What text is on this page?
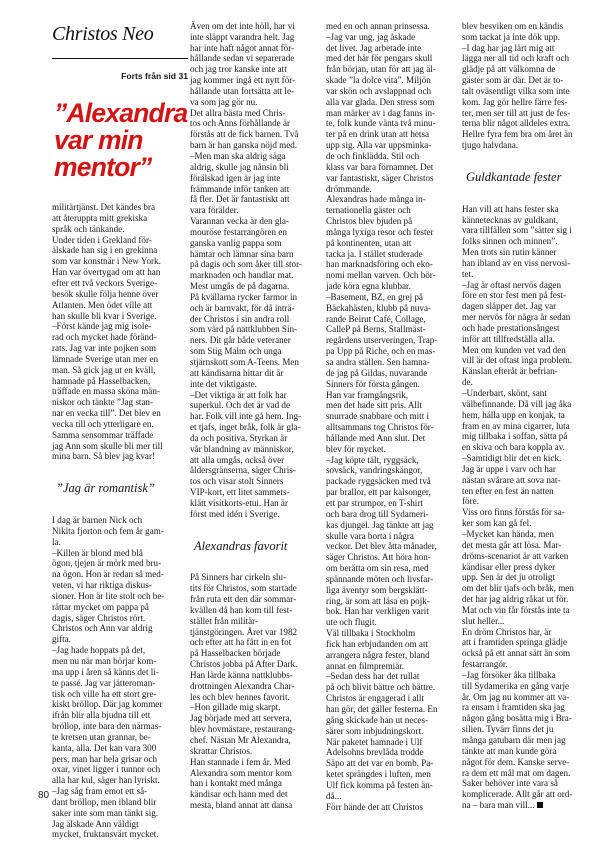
Christos Neo

Forts från sid 31

”Alexandra
var min
mentor”

militärtjänst. Det kändes bra
att återuppta mitt grekiska
språk och tänkande.
Under tiden i Grekland för-
älskade han sig i en grekinna
som var konstnär i New York.
Han var övertygad om att han
efter ett två veckors Sverige-
besök skulle följa henne över
Atlanten. Men ödet ville att
han skulle bli kvar i Sverige.
–Först kände jag mig isole-
rad och mycket hade föränd-
rats. Jag var inte pojken som
lämnade Sverige utan mer en
man. Så gick jag ut en kväll,
hamnade på Hasselbacken,
träffade en massa sköna män-
niskor och tänkte ”Jag stan-
nar en vecka till”. Det blev en
vecka till och ytterligare en.
Samma sensommar träffade
jag Ann som skulle bli mer till
mina barn. Så blev jag kvar!

”Jag är romantisk”

I dag är barnen Nick och
Nikita fjorton och fem år gam-
la.
–Killen är blond med blå
ögon, tjejen är mörk med bru-
na ögon. Hon är redan så med-
veten, vi har riktiga diskus-
sioner. Hon är lite stolt och be-
rättar mycket om pappa på
dagis, säger Christos rört.
Christos och Ann var aldrig
gifta.
–Jag hade hoppats på det,
men nu när man börjar kom-
ma upp i åren så känns det li-
te passé. Jag var jätteroman-
tisk och ville ha ett stort gre-
kiskt bröllop. Där jag kommer
ifrån blir alla bjudna till ett
bröllop, inte bara den närmas-
te kretsen utan grannar, be-
kanta, alla. Det kan vara 300
pers, man har hela grisar och
oxar, vinet ligger i tunnor och
alla har kul, säger han lyriskt.
–Jag såg fram emot ett så-
dant bröllop, men ibland blir
saker inte som man tänkt sig.
Jag älskade Ann väldigt
mycket, fruktansvärt mycket.

Även om det inte höll, har vi
inte släppt varandra helt. Jag
har inte haft något annat för-
hållande sedan vi separerade
och jag tror kanske inte att
jag kommer ingå ett nytt för-
hållande utan fortsätta att le-
va som jag gör nu.
Det allra bästa med Chris-
tos och Anns förhållande är
förstås att de fick barnen. Två
barn är han ganska nöjd med.
–Men man ska aldrig säga
aldrig, skulle jag nånsin bli
förälskad igen är jag inte
främmande inför tanken att
få fler. Det är fantastiskt att
vara förälder.
Varannan vecka är den gla-
mouröse festarrangören en
ganska vanlig pappa som
hämtar och lämnar sina barn
på dagis och som åker till stor-
marknaden och handlar mat.
Mest umgås de på dagarna.
På kvällarna rycker farmor in
och är barnvakt, för då inträ-
der Christos i sin andra roll
som värd på nattklubben Sin-
ners. Dit går både veteraner
som Stig Malm och unga
stjärnskott som A-Teens. Men
att kändisarna hittar dit är
inte det viktigaste.
–Det viktiga är att folk har
superkul. Och det är vad de
har. Folk vill inte gå hem. Ing-
et tjafs, inget bråk, folk är gla-
da och positiva. Styrkan är
vår blandning av människor,
att alla umgås, också över
åldersgränserna, säger Chris-
tos och visar stolt Sinners
VIP-kort, ett litet sammets-
klätt visitkorts-etui. Han är
först med idén i Sverige.

Alexandras favorit

På Sinners har cirkeln slu-
tits för Christos, som startade
från ruta ett den där sommar-
kvällen då han kom till fest-
stället från militär-
tjänstgöringen. Året var 1982
och efter att ha fått in en fot
på Hasselbacken började
Christos jobba på After Dark.
Han lärde känna nattklubbs-
drottningen Alexandra Char-
les och blev hennes favorit.
–Hon gillade mig skarpt.
Jag började med att servera,
blev hovmästare, restaurang-
chef. Nästan Mr Alexandra,
skrattar Christos.
Han stannade i fem år. Med
Alexandra som mentor kom
han i kontakt med många
kändisar och hann med det
mesta, bland annat att dansa

med en och annan prinsessa.
–Jag var ung, jag åskade
det livet. Jag arbetade inte
med det här för pengars skull
från början, utan för att jag äl-
skade ”la dolce vita”. Miljön
var skön och avslappnad och
alla var glada. Den stress som
man märker av i dag fanns in-
te, folk kunde vänta två minu-
ter på en drink utan att hetsa
upp sig. Alla var uppsminka-
de och finklädda. Stil och
klass var bara förnamnet. Det
var fantastiskt, säger Christos
drömmande.
Alexandras hade många in-
ternationella gäster och
Christos blev bjuden på
många lyxiga resor och fester
på kontinenten, utan att
tacka ja. I stället studerade
han marknadsföring och eko-
nomi mellan varven. Och bör-
jade köra egna klubbar.
–Basement, BZ, en grej på
Bäckahästen, klubb på nuva-
rande Beirut Café, Collage,
CalleP på Berns, Stallmäst-
regårdens utserveringen, Trap-
pa Upp på Riche, och en mas-
sa andra ställen. Sen hamna-
de jag på Gildas, nuvarande
Sinners för första gången.
Han var framgångsrik,
men det hade sitt pris. Allt
snurrade snabbare och mitt i
alltsammans tog Christos för-
hållande med Ann slut. Det
blev för mycket.
–Jag köpte tält, ryggsäck,
sovsäck, vandringskängor,
packade ryggsäcken med två
par brallor, ett par kalsonger,
ett par strumpor, en T-shirt
och bara drog till Sydameri-
kas djungel. Jag tänkte att jag
skulle vara borta i några
veckor. Det blev åtta månader,
säger Christos. Att höra hon-
om berätta om sin resa, med
spännande möten och livsfar-
liga äventyr som bergsklätt-
ring, är som att läsa en pojk-
bok. Han har verkligen varit
ute och flugit.
Väl tillbaka i Stockholm
fick han erbjudanden om att
arrangera några fester, bland
annat en filmpremiär.
–Sedan dess har det rullat
på och blivit bättre och bättre.
Christos är engagerad i allt
han gör, det gäller festerna. En
gång skickade han ut neces-
särer som inbjudningskort.
När paketet hamnade i Ulf
Adelsohns brevlåda trodde
Säpo att det var en bomb. Pa-
ketet sprängdes i luften, men
Ulf fick komma på festen än-
då...
Förr hände det att Christos

blev besviken om en kändis
som tackat ja inte dök upp.
–I dag har jag lärt mig att
lägga ner all tid och kraft och
glädje på att välkomna de
gäster som är där. Det är to-
talt oväsentligt vilka som inte
kom. Jag gör hellre färre fes-
ter, men ser till att just de fes-
terna blir något alldeles extra.
Hellre fyra fem bra om året än
tjugo halvdana.

Guldkantade fester

Han vill att hans fester ska
kännetecknas av guldkant,
vara tillfällen som ”sätter sig i
folks sinnen och minnen”.
Men trots sin rutin känner
han ibland av en viss nervosi-
tet.
–Jag är oftast nervös dagen
före en stor fest men på fest-
dagen släpper det. Jag var
mer nervös för några år sedan
och hade prestationsångest
inför att tillfredställa alla.
Men om kunden vet vad den
vill är det oftast inga problem.
Känslan efteråt är befrian-
de.
–Underbart, skönt, sant
välbefinnande. Då vill jag åka
hem, hälla upp en konjak, ta
fram en av mina cigarrer, luta
mig tillbaka i soffan, sätta på
en skiva och bara koppla av.
–Samtidigt blir det en kick.
Jag är uppe i varv och har
nästan svårare att sova nat-
ten efter en fest än natten
före.
Viss oro finns förstås för sa-
ker som kan gå fel.
–Mycket kan hända, men
det mesta går att lösa. Mar-
dröms-scenariot är att varken
kändisar eller press dyker
upp. Sen är det ju otroligt
om det blir tjafs och bråk, men
det har jag aldrig råkat ut för.
Mat och vin får förstås inte ta
slut heller...
En dröm Christos har, är
att i framtiden springa glädje
också på ett annat sätt än som
festarrangör.
–Jag försöker åka tillbaka
till Sydamerika en gång varje
år. Om jag nu kommer att va-
ra ensam i framtiden ska jag
någon gång bosätta mig i Bra-
silien. Tyvärr finns det ju
många gatubarn där men jag
tänkte att man kunde göra
något för dem. Kanske serve-
ra dem ett mål mat om dagen.
Saker behöver inte vara så
komplicerade. Allt går att ord-
na – bara man vill...

80
